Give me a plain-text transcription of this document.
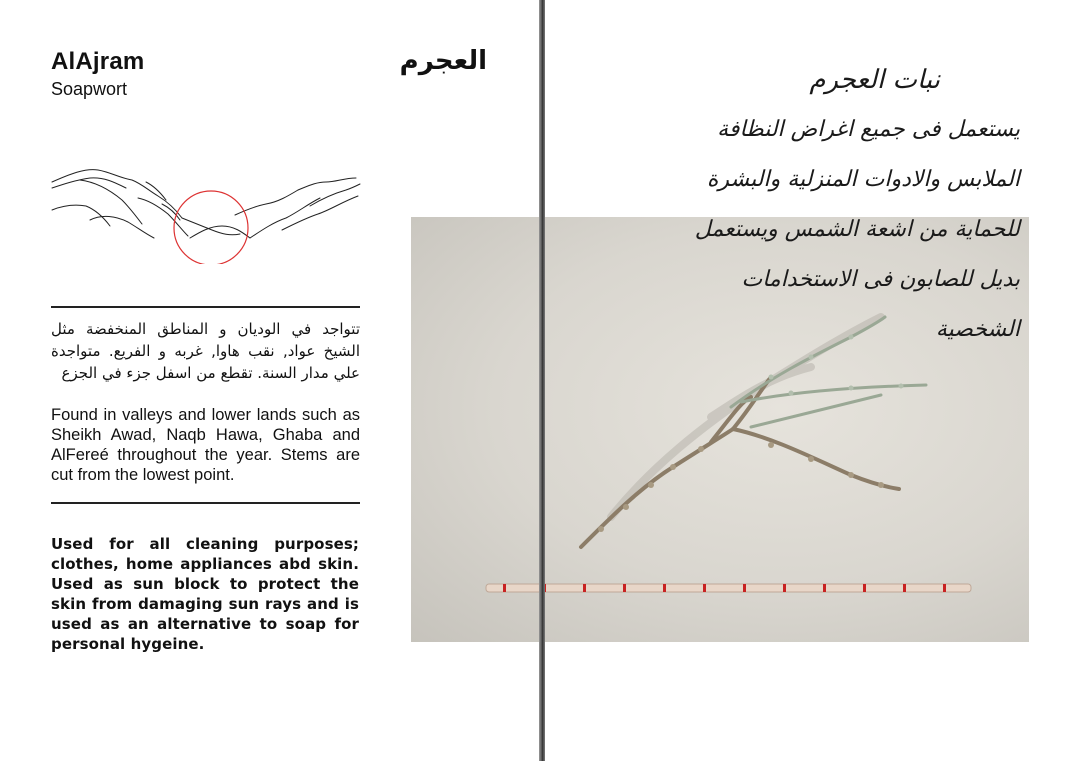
AlAjram
Soapwort
العجرم
تتواجد في الوديان و المناطق المنخفضة مثل الشيخ عواد, نقب هاوا, غربه و الفريع. متواجدة علي مدار السنة. تقطع من اسفل جزء في الجزع
Found in valleys and lower lands such as Sheikh Awad, Naqb Hawa, Ghaba and AlFereé throughout the year. Stems are cut from the lowest point.
Used for all cleaning purposes; clothes, home appliances abd skin. Used as sun block to protect the skin from damaging sun rays and is used as an alternative to soap for personal hygeine.
نبات العجرم
يستعمل فى جميع اغراض النظافة
الملابس والادوات المنزلية والبشرة
للحماية من اشعة الشمس ويستعمل
بديل للصابون فى الاستخدامات
الشخصية
